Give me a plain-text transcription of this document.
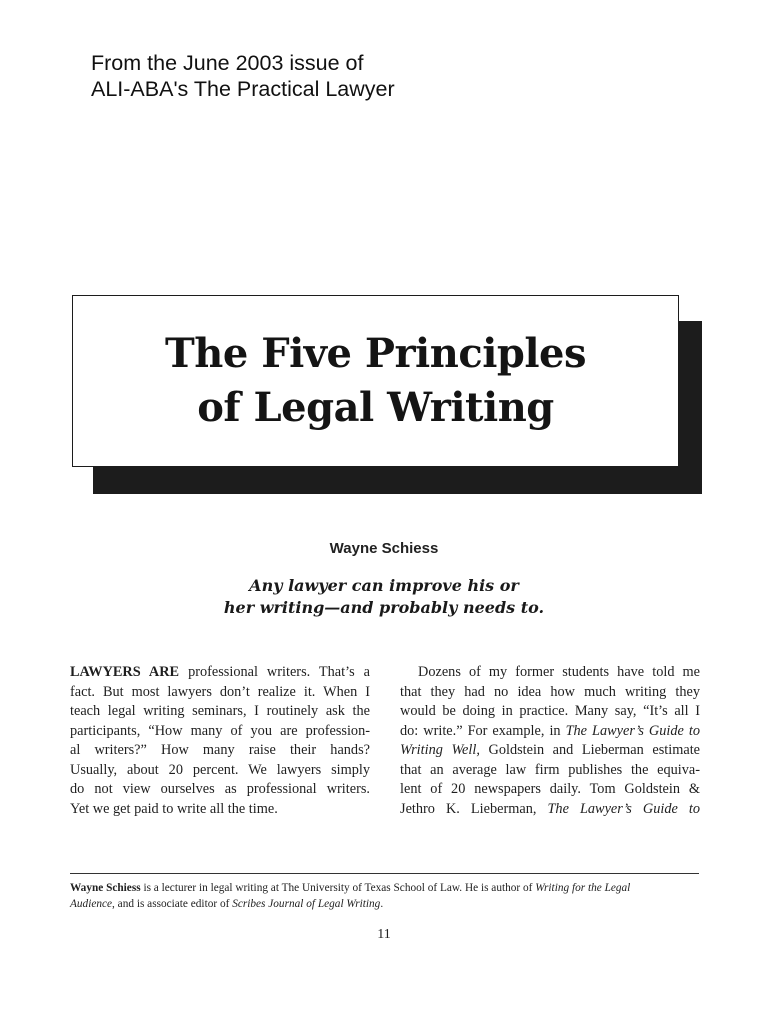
From the June 2003 issue of
ALI-ABA's The Practical Lawyer
The Five Principles
of Legal Writing
Wayne Schiess
Any lawyer can improve his or
her writing—and probably needs to.

LAWYERS ARE professional writers. That’s a
fact. But most lawyers don’t realize it. When I
teach legal writing seminars, I routinely ask the
participants, “How many of you are profession-
al writers?” How many raise their hands?
Usually, about 20 percent. We lawyers simply
do not view ourselves as professional writers.
Yet we get paid to write all the time.

Dozens of my former students have told me
that they had no idea how much writing they
would be doing in practice. Many say, “It’s all I
do: write.” For example, in The Lawyer’s Guide to
Writing Well, Goldstein and Lieberman estimate
that an average law firm publishes the equiva-
lent of 20 newspapers daily. Tom Goldstein &
Jethro K. Lieberman, The Lawyer’s Guide to

Wayne Schiess is a lecturer in legal writing at The University of Texas School of Law. He is author of Writing for the Legal
Audience, and is associate editor of Scribes Journal of Legal Writing.
11
